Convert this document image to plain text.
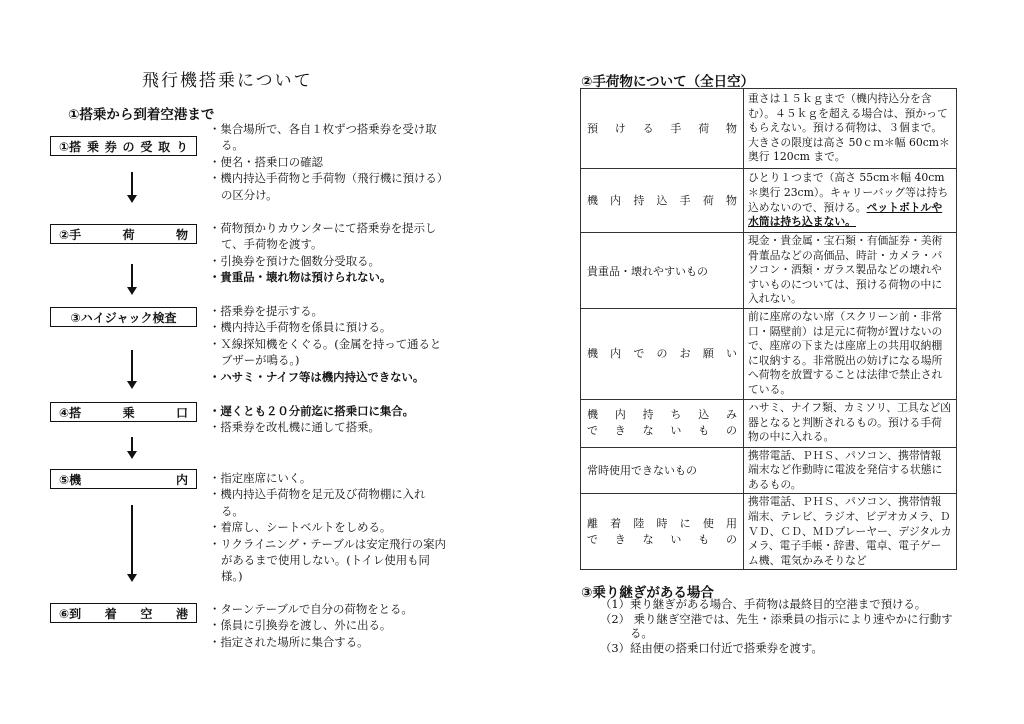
飛行機搭乗について
①搭乗から到着空港まで
①搭 乗 券 の 受 取 り
②手	荷	物
③ハイジャック検査
④搭	乗	口
⑤機	内
⑥到 着 空 港
・集合場所で、各自１枚ずつ搭乗券を受け取る。
・便名・搭乗口の確認
・機内持込手荷物と手荷物（飛行機に預ける）の区分け。
・荷物預かりカウンターにて搭乗券を提示して、手荷物を渡す。
・引換券を預けた個数分受取る。
・貴重品・壊れ物は預けられない。
・搭乗券を提示する。
・機内持込手荷物を係員に預ける。
・Ｘ線探知機をくぐる。(金属を持って通るとブザーが鳴る。)
・ハサミ・ナイフ等は機内持込できない。
・遅くとも２０分前迄に搭乗口に集合。
・搭乗券を改札機に通して搭乗。
・指定座席にいく。
・機内持込手荷物を足元及び荷物棚に入れる。
・着席し、シートベルトをしめる。
・リクライニング・テーブルは安定飛行の案内があるまで使用しない。(トイレ使用も同様。)
・ターンテーブルで自分の荷物をとる。
・係員に引換券を渡し、外に出る。
・指定された場所に集合する。
②手荷物について（全日空）
預ける手荷物	重さは１５ｋｇまで（機内持込分を含む）。４５ｋｇを超える場合は、預かってもらえない。預ける荷物は、３個まで。大きさの限度は高さ 50ｃｍ＊幅 60cm＊奥行 120cm まで。

機内持込手荷物	ひとり１つまで（高さ 55cm＊幅 40cm＊奥行 23cm）。キャリーバッグ等は持ち込めないので、預ける。ペットボトルや水筒は持ち込まない。
貴重品・壊れやすいもの	現金・貴金属・宝石類・有価証券・美術骨董品などの高価品、時計・カメラ・パソコン・酒類・ガラス製品などの壊れやすいものについては、預ける荷物の中に入れない。

機内でのお願い	前に座席のない席（スクリーン前・非常口・隔壁前）は足元に荷物が置けないので、座席の下または座席上の共用収納棚に収納する。非常脱出の妨げになる場所へ荷物を放置することは法律で禁止されている。

機内持ち込み
できないもの	ハサミ、ナイフ類、カミソリ、工具など凶器となると判断されるもの。預ける手荷物の中に入れる。
常時使用できないもの	携帯電話、ＰＨＳ、パソコン、携帯情報端末など作動時に電波を発信する状態にあるもの。

離着陸時に使用
できないもの	携帯電話、ＰＨＳ、パソコン、携帯情報端末、テレビ、ラジオ、ビデオカメラ、ＤＶＤ、ＣＤ、ＭＤプレーヤー、デジタルカメラ、電子手帳・辞書、電卓、電子ゲーム機、電気かみそりなど
③乗り継ぎがある場合
（1）乗り継ぎがある場合、手荷物は最終目的空港まで預ける。
（2） 乗り継ぎ空港では、先生・添乗員の指示により速やかに行動する。
（3）経由便の搭乗口付近で搭乗券を渡す。
